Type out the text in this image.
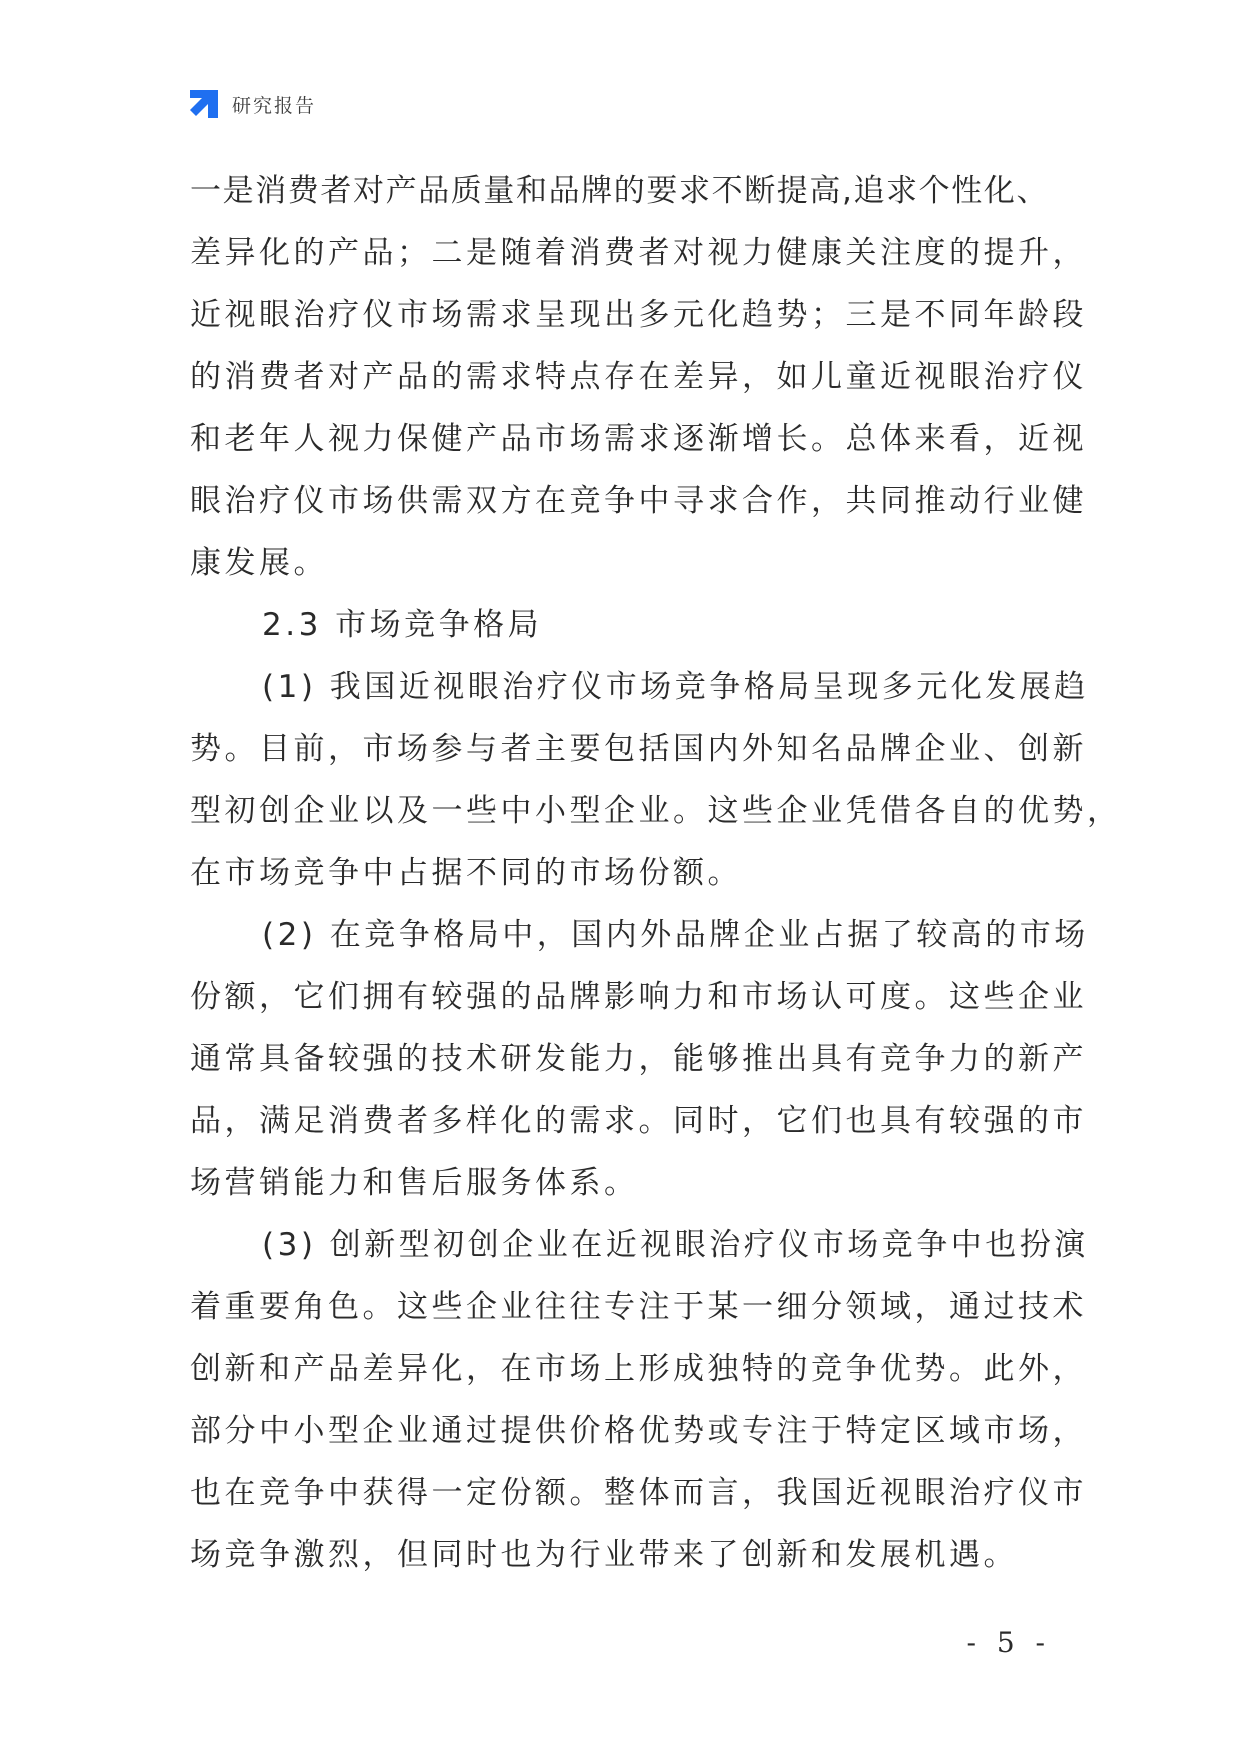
研究报告
一是消费者对产品质量和品牌的要求不断提高,追求个性化、
差异化的产品；二是随着消费者对视力健康关注度的提升，
近视眼治疗仪市场需求呈现出多元化趋势；三是不同年龄段
的消费者对产品的需求特点存在差异，如儿童近视眼治疗仪
和老年人视力保健产品市场需求逐渐增长。总体来看，近视
眼治疗仪市场供需双方在竞争中寻求合作，共同推动行业健
康发展。
2.3 市场竞争格局
(1) 我国近视眼治疗仪市场竞争格局呈现多元化发展趋
势。目前，市场参与者主要包括国内外知名品牌企业、创新
型初创企业以及一些中小型企业。这些企业凭借各自的优势，
在市场竞争中占据不同的市场份额。
(2) 在竞争格局中，国内外品牌企业占据了较高的市场
份额，它们拥有较强的品牌影响力和市场认可度。这些企业
通常具备较强的技术研发能力，能够推出具有竞争力的新产
品，满足消费者多样化的需求。同时，它们也具有较强的市
场营销能力和售后服务体系。
(3) 创新型初创企业在近视眼治疗仪市场竞争中也扮演
着重要角色。这些企业往往专注于某一细分领域，通过技术
创新和产品差异化，在市场上形成独特的竞争优势。此外，
部分中小型企业通过提供价格优势或专注于特定区域市场，
也在竞争中获得一定份额。整体而言，我国近视眼治疗仪市
场竞争激烈，但同时也为行业带来了创新和发展机遇。
- 5 -
